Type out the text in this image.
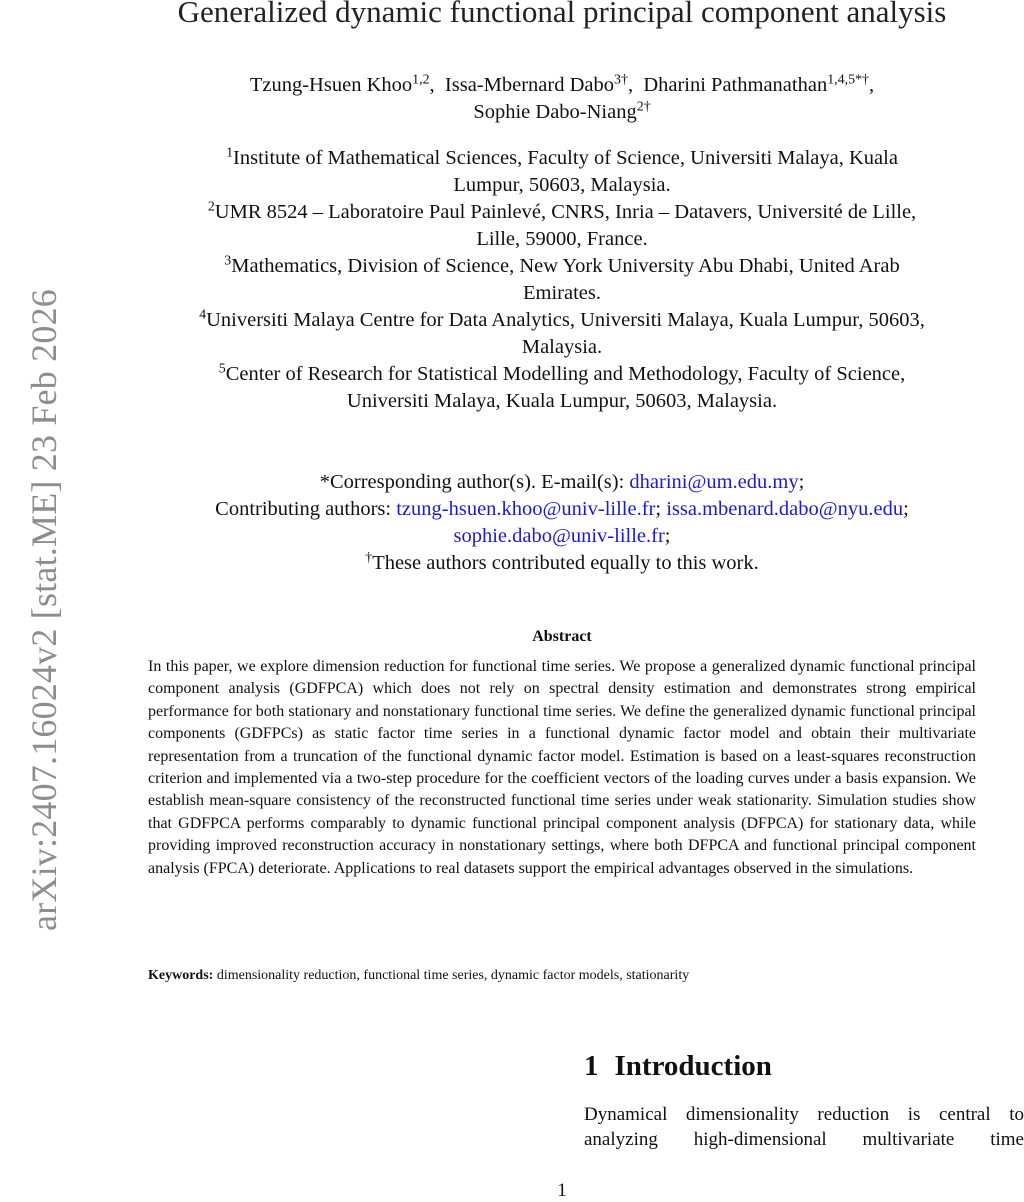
arXiv:2407.16024v2 [stat.ME] 23 Feb 2026
Generalized dynamic functional principal component analysis
Tzung-Hsuen Khoo$^{1,2}$,  Issa-Mbernard Dabo$^{3\dagger}$,  Dharini Pathmanathan$^{1,4,5*\dagger}$,
Sophie Dabo-Niang$^{2\dagger}$
$^1$Institute of Mathematical Sciences, Faculty of Science, Universiti Malaya, Kuala
Lumpur, 50603, Malaysia.
$^2$UMR 8524 – Laboratoire Paul Painlevé, CNRS, Inria – Datavers, Université de Lille,
Lille, 59000, France.
$^3$Mathematics, Division of Science, New York University Abu Dhabi, United Arab
Emirates.
$^4$Universiti Malaya Centre for Data Analytics, Universiti Malaya, Kuala Lumpur, 50603,
Malaysia.
$^5$Center of Research for Statistical Modelling and Methodology, Faculty of Science,
Universiti Malaya, Kuala Lumpur, 50603, Malaysia.
*Corresponding author(s). E-mail(s): dharini@um.edu.my;
Contributing authors: tzung-hsuen.khoo@univ-lille.fr; issa.mbenard.dabo@nyu.edu;
sophie.dabo@univ-lille.fr;
†These authors contributed equally to this work.
Abstract
In this paper, we explore dimension reduction for functional time series. We propose a generalized dynamic functional principal component analysis (GDFPCA) which does not rely on spectral density estimation and demonstrates strong empirical performance for both stationary and nonstationary functional time series. We define the generalized dynamic functional principal components (GDFPCs) as static factor time series in a functional dynamic factor model and obtain their multivariate representation from a truncation of the functional dynamic factor model. Estimation is based on a least-squares reconstruction criterion and implemented via a two-step procedure for the coefficient vectors of the loading curves under a basis expansion. We establish mean-square consistency of the reconstructed functional time series under weak stationarity. Simulation studies show that GDFPCA performs comparably to dynamic functional principal component analysis (DFPCA) for stationary data, while providing improved reconstruction accuracy in nonstationary settings, where both DFPCA and functional principal component analysis (FPCA) deteriorate. Applications to real datasets support the empirical advantages observed in the simulations.
Keywords: dimensionality reduction, functional time series, dynamic factor models, stationarity
1 Introduction
Dynamical dimensionality reduction is central to analyzing high-dimensional multivariate time
1
